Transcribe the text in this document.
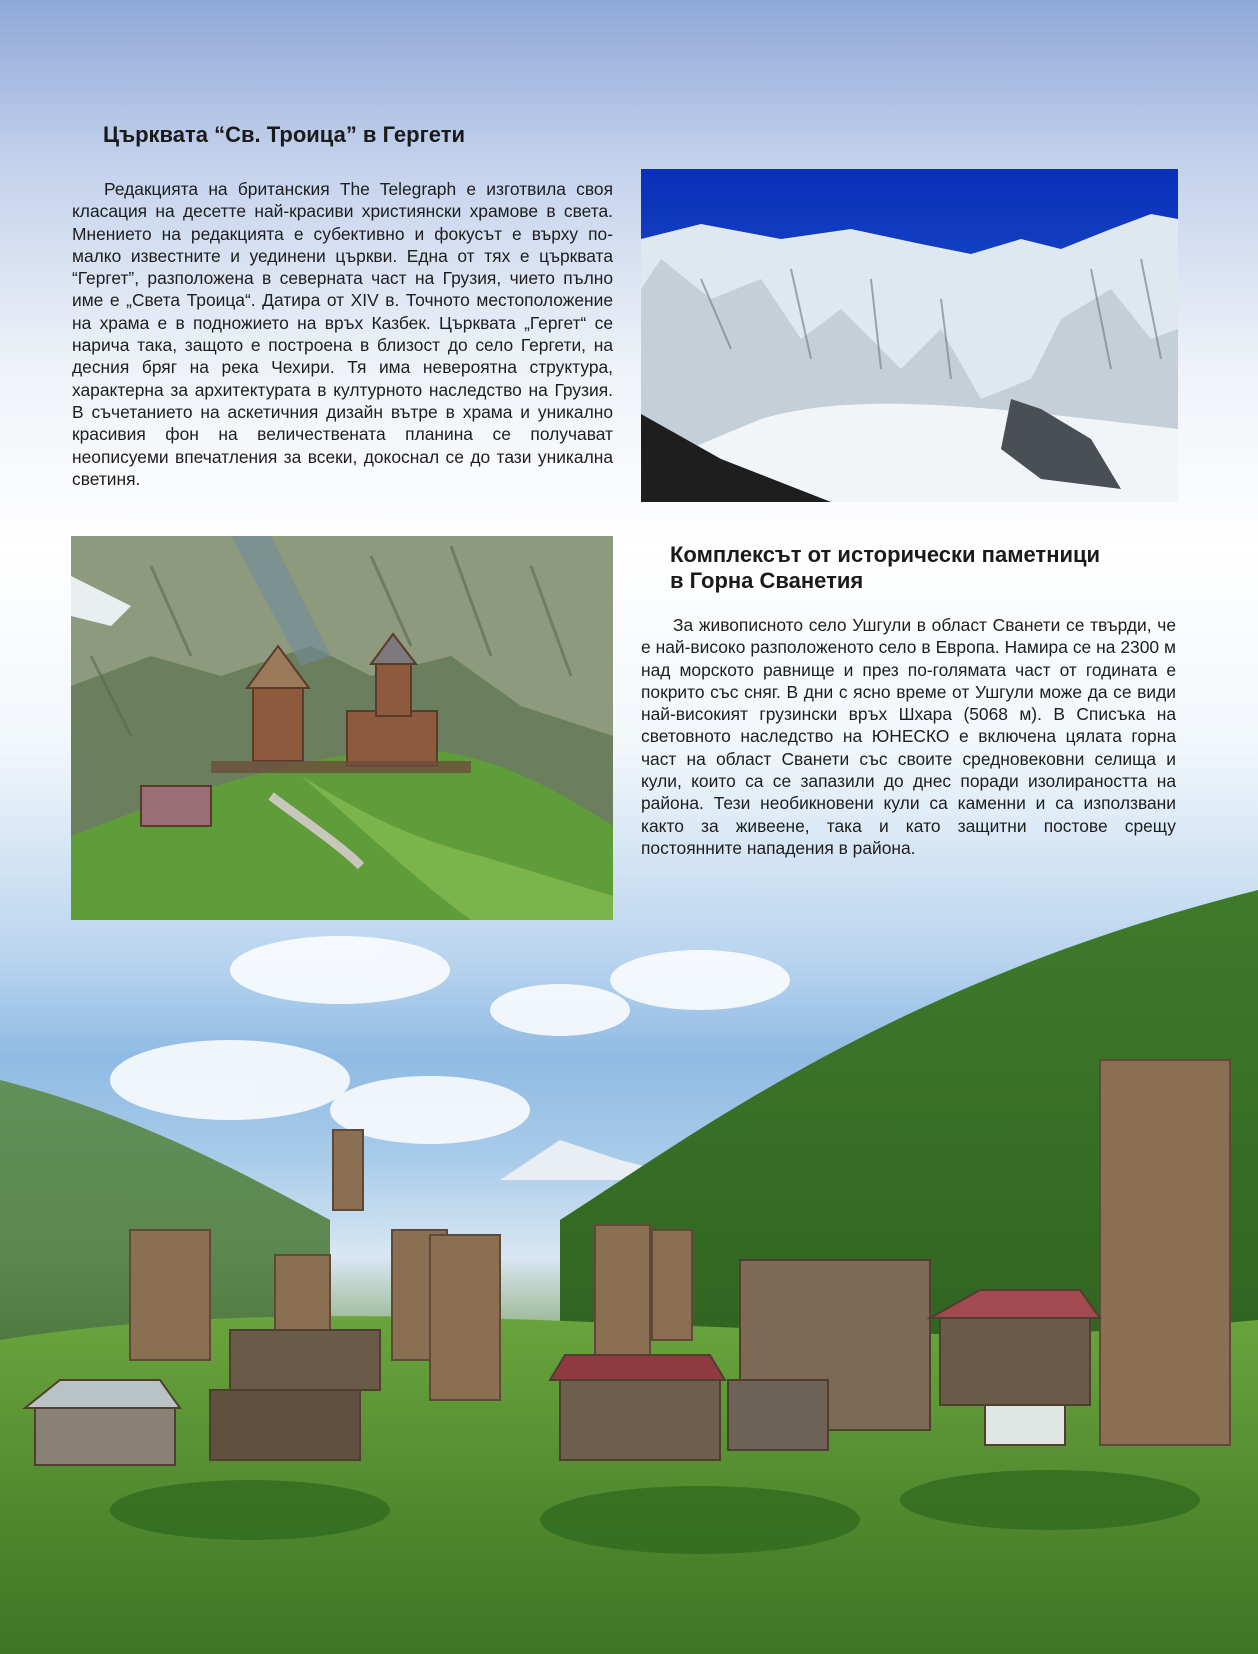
Църквата “Св. Троица” в Гергети

Редакцията на британския The Telegraph е изготвила своя класация на десетте най-красиви християнски храмове в света. Мнението на редакцията е субективно и фокусът е върху по-малко известните и уединени църкви. Една от тях е църквата “Гергет”, разположена в северната част на Грузия, чието пълно име е „Света Троица“. Датира от XIV в. Точното местоположение на храма е в подножието на връх Казбек. Църквата „Гергет“ се нарича така, защото е построена в близост до село Гергети, на десния бряг на река Чехири. Тя има невероятна структура, характерна за архитектурата в културното наследство на Грузия. В съчетанието на аскетичния дизайн вътре в храма и уникално красивия фон на величествената планина се получават неописуеми впечатления за всеки, докоснал се до тази уникална светиня.

Комплексът от исторически паметници
в Горна Сванетия

За живописното село Ушгули в област Сванети се твърди, че е най-високо разположеното село в Европа. Намира се на 2300 м над морското равнище и през по-голямата част от годината е покрито със сняг. В дни с ясно време от Ушгули може да се види най-високият грузински връх Шхара (5068 м). В Списъка на световното наследство на ЮНЕСКО е включена цялата горна част на област Сванети със своите средновековни селища и кули, които са се запазили до днес поради изолираността на района. Тези необикновени кули са каменни и са използвани както за живеене, така и като защитни постове срещу постоянните нападения в района.
